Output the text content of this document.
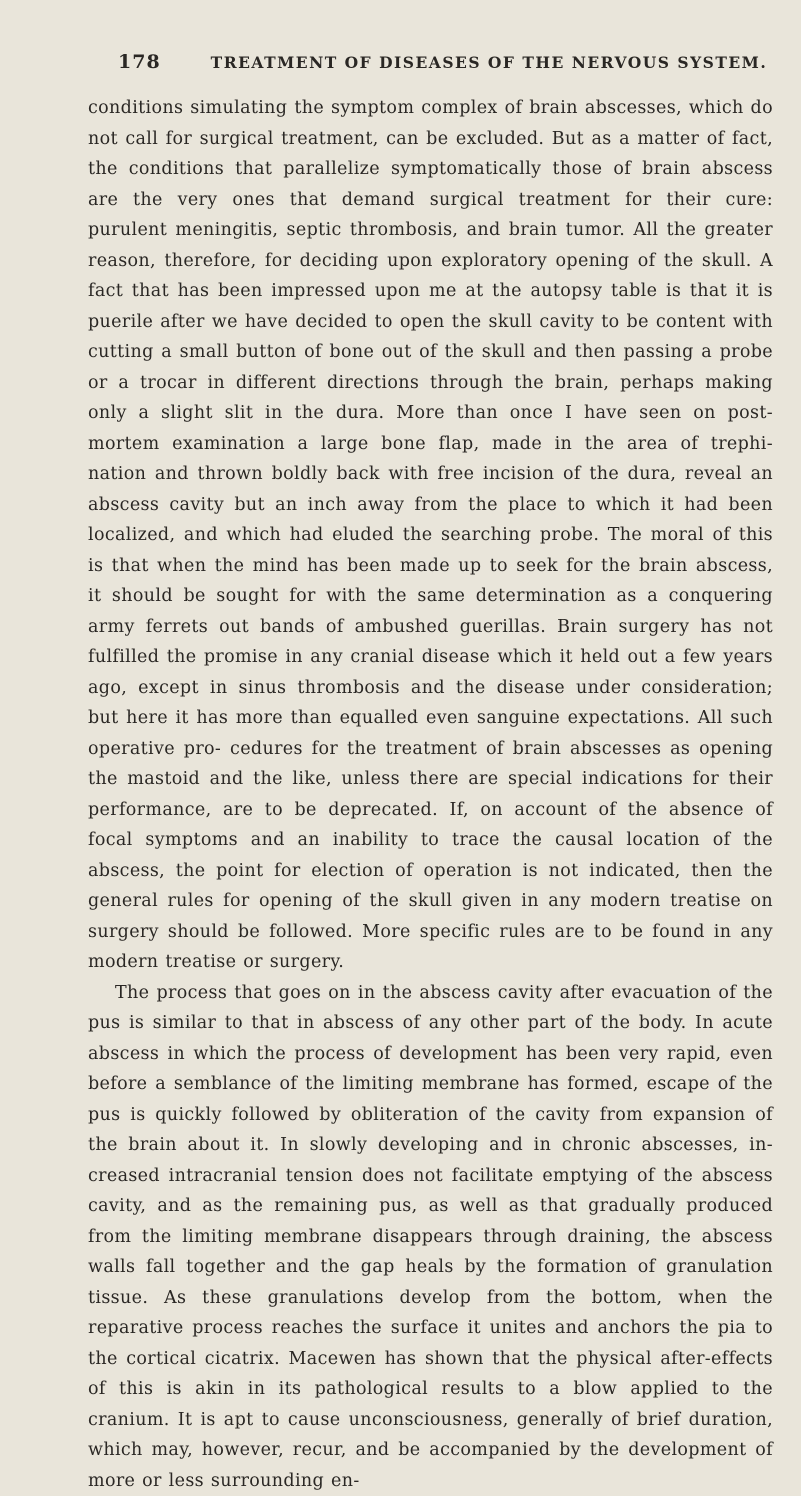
178	TREATMENT OF DISEASES OF THE NERVOUS SYSTEM.

conditions simulating the symptom complex of brain abscesses, which do not call for surgical treatment, can be excluded. But as a matter of fact, the conditions that parallelize symptomatically those of brain abscess are the very ones that demand surgical treatment for their cure: purulent meningitis, septic thrombosis, and brain tumor. All the greater reason, therefore, for deciding upon exploratory opening of the skull. A fact that has been impressed upon me at the autopsy table is that it is puerile after we have decided to open the skull cavity to be content with cutting a small button of bone out of the skull and then passing a probe or a trocar in different directions through the brain, perhaps making only a slight slit in the dura. More than once I have seen on post-mortem examination a large bone flap, made in the area of trephi- nation and thrown boldly back with free incision of the dura, reveal an abscess cavity but an inch away from the place to which it had been localized, and which had eluded the searching probe. The moral of this is that when the mind has been made up to seek for the brain abscess, it should be sought for with the same determination as a conquering army ferrets out bands of ambushed guerillas. Brain surgery has not fulfilled the promise in any cranial disease which it held out a few years ago, except in sinus thrombosis and the disease under consideration; but here it has more than equalled even sanguine expectations. All such operative pro- cedures for the treatment of brain abscesses as opening the mastoid and the like, unless there are special indications for their performance, are to be deprecated. If, on account of the absence of focal symptoms and an inability to trace the causal location of the abscess, the point for election of operation is not indicated, then the general rules for opening of the skull given in any modern treatise on surgery should be followed. More specific rules are to be found in any modern treatise or surgery.

The process that goes on in the abscess cavity after evacuation of the pus is similar to that in abscess of any other part of the body. In acute abscess in which the process of development has been very rapid, even before a semblance of the limiting membrane has formed, escape of the pus is quickly followed by obliteration of the cavity from expansion of the brain about it. In slowly developing and in chronic abscesses, in- creased intracranial tension does not facilitate emptying of the abscess cavity, and as the remaining pus, as well as that gradually produced from the limiting membrane disappears through draining, the abscess walls fall together and the gap heals by the formation of granulation tissue. As these granulations develop from the bottom, when the reparative process reaches the surface it unites and anchors the pia to the cortical cicatrix. Macewen has shown that the physical after-effects of this is akin in its pathological results to a blow applied to the cranium. It is apt to cause unconsciousness, generally of brief duration, which may, however, recur, and be accompanied by the development of more or less surrounding en-
